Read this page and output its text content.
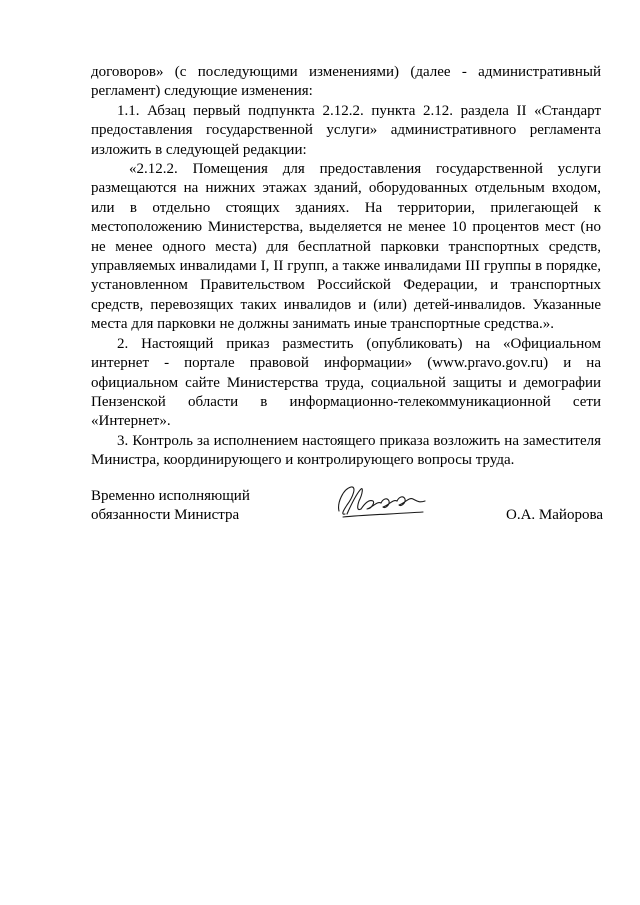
договоров» (с последующими изменениями) (далее - административный регламент) следующие изменения:

1.1. Абзац первый подпункта 2.12.2. пункта 2.12. раздела II «Стандарт предоставления государственной услуги» административного регламента изложить в следующей редакции:

«2.12.2. Помещения для предоставления государственной услуги размещаются на нижних этажах зданий, оборудованных отдельным входом, или в отдельно стоящих зданиях. На территории, прилегающей к местоположению Министерства, выделяется не менее 10 процентов мест (но не менее одного места) для бесплатной парковки транспортных средств, управляемых инвалидами I, II групп, а также инвалидами III группы в порядке, установленном Правительством Российской Федерации, и транспортных средств, перевозящих таких инвалидов и (или) детей-инвалидов. Указанные места для парковки не должны занимать иные транспортные средства.».

2. Настоящий приказ разместить (опубликовать) на «Официальном интернет - портале правовой информации» (www.pravo.gov.ru) и на официальном сайте Министерства труда, социальной защиты и демографии Пензенской области в информационно-телекоммуникационной сети «Интернет».

3. Контроль за исполнением настоящего приказа возложить на заместителя Министра, координирующего и контролирующего вопросы труда.

Временно исполняющий
обязанности Министра	О.А. Майорова
